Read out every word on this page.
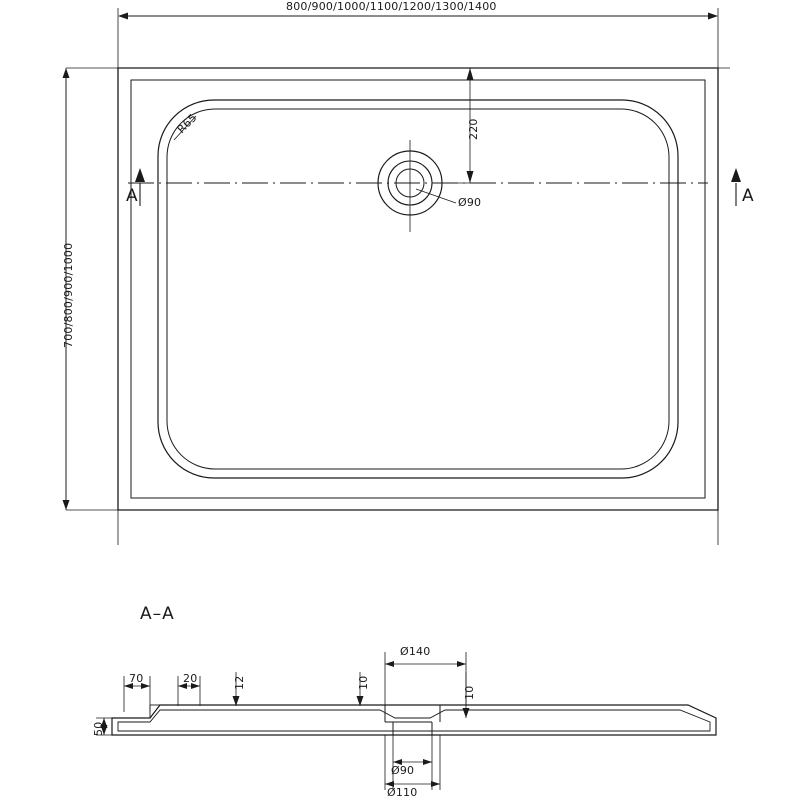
800/900/1000/1100/1200/1300/1400
700/800/900/1000
R65	220
Ø90
A	A
A–A
70	20	12	10
10
50
Ø140
Ø90
Ø110
